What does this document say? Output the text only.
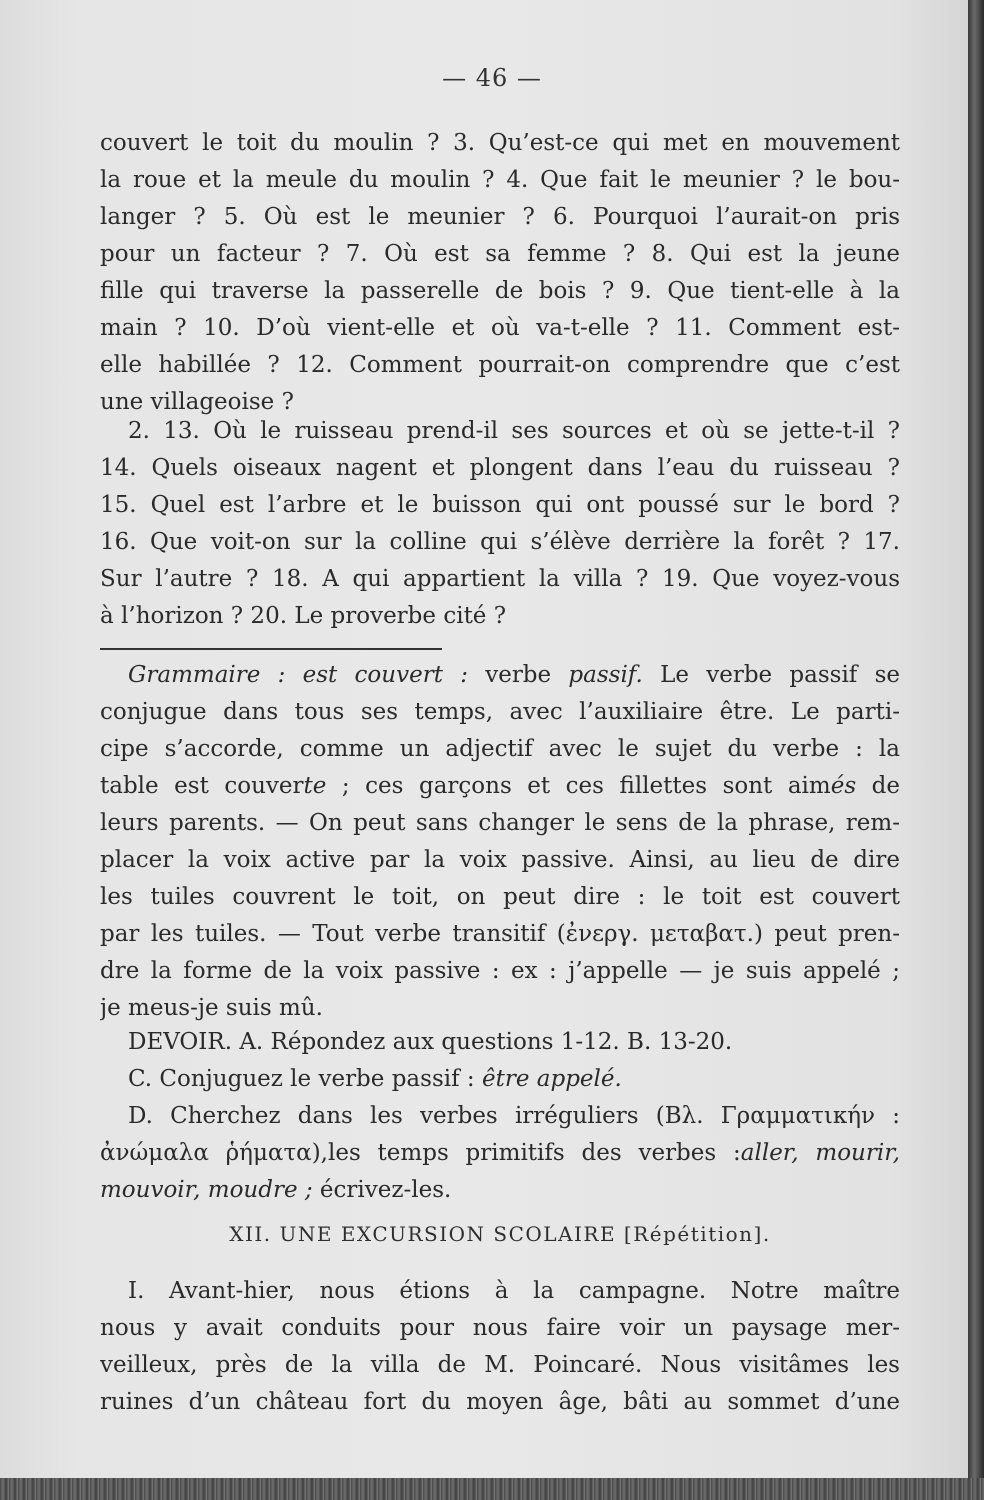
— 46 —
couvert le toit du moulin ? 3. Qu’est-ce qui met en mouvement
la roue et la meule du moulin ? 4. Que fait le meunier ? le bou-
langer ? 5. Où est le meunier ? 6. Pourquoi l’aurait-on pris
pour un facteur ? 7. Où est sa femme ? 8. Qui est la jeune
fille qui traverse la passerelle de bois ? 9. Que tient-elle à la
main ? 10. D’où vient-elle et où va-t-elle ? 11. Comment est-
elle habillée ? 12. Comment pourrait-on comprendre que c’est
une villageoise ?
2. 13. Où le ruisseau prend-il ses sources et où se jette-t-il ?
14. Quels oiseaux nagent et plongent dans l’eau du ruisseau ?
15. Quel est l’arbre et le buisson qui ont poussé sur le bord ?
16. Que voit-on sur la colline qui s’élève derrière la forêt ? 17.
Sur l’autre ? 18. A qui appartient la villa ? 19. Que voyez-vous
à l’horizon ? 20. Le proverbe cité ?
Grammaire : est couvert : verbe passif. Le verbe passif se
conjugue dans tous ses temps, avec l’auxiliaire être. Le parti-
cipe s’accorde, comme un adjectif avec le sujet du verbe : la
table est couverte ; ces garçons et ces fillettes sont aimés de
leurs parents. — On peut sans changer le sens de la phrase, rem-
placer la voix active par la voix passive. Ainsi, au lieu de dire
les tuiles couvrent le toit, on peut dire : le toit est couvert
par les tuiles. — Tout verbe transitif (ἐνεργ. μεταβατ.) peut pren-
dre la forme de la voix passive : ex : j’appelle — je suis appelé ;
je meus-je suis mû.
DEVOIR. A. Répondez aux questions 1-12. B. 13-20.
C. Conjuguez le verbe passif : être appelé.
D. Cherchez dans les verbes irréguliers (Βλ. Γραμματικήν :
ἀνώμαλα ῥήματα),les temps primitifs des verbes :aller, mourir,
mouvoir, moudre ; écrivez-les.
XII. UNE EXCURSION SCOLAIRE [Répétition].
I. Avant-hier, nous étions à la campagne. Notre maître
nous y avait conduits pour nous faire voir un paysage mer-
veilleux, près de la villa de M. Poincaré. Nous visitâmes les
ruines d’un château fort du moyen âge, bâti au sommet d’une
